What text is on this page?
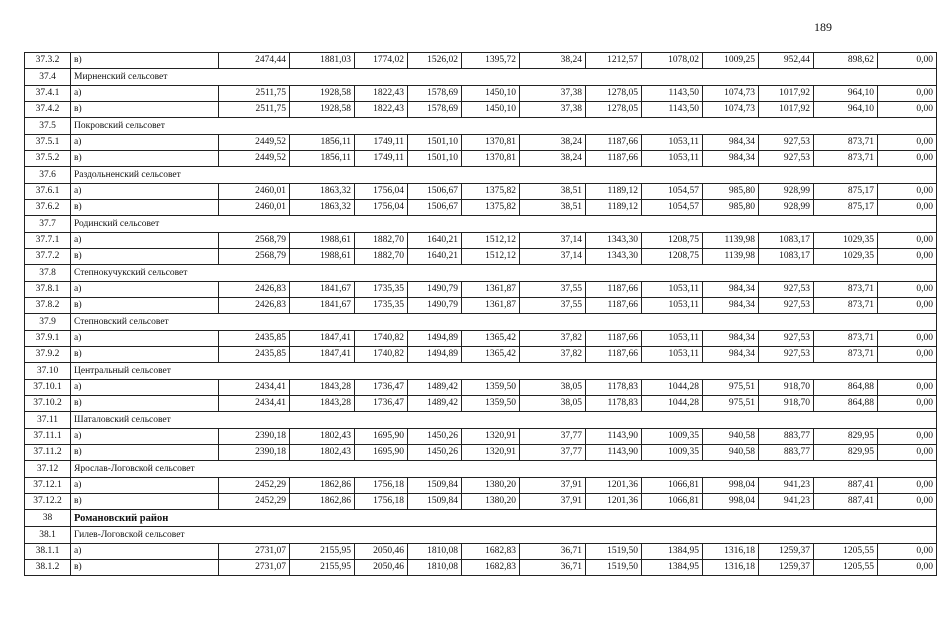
189
37.3.2	в)	2474,44	1881,03	1774,02	1526,02	1395,72	38,24	1212,57	1078,02	1009,25	952,44	898,62	0,00
37.4	Мирненский сельсовет												
37.4.1	а)	2511,75	1928,58	1822,43	1578,69	1450,10	37,38	1278,05	1143,50	1074,73	1017,92	964,10	0,00
37.4.2	в)	2511,75	1928,58	1822,43	1578,69	1450,10	37,38	1278,05	1143,50	1074,73	1017,92	964,10	0,00
37.5	Покровский сельсовет												
37.5.1	а)	2449,52	1856,11	1749,11	1501,10	1370,81	38,24	1187,66	1053,11	984,34	927,53	873,71	0,00
37.5.2	в)	2449,52	1856,11	1749,11	1501,10	1370,81	38,24	1187,66	1053,11	984,34	927,53	873,71	0,00
37.6	Раздольненский сельсовет												
37.6.1	а)	2460,01	1863,32	1756,04	1506,67	1375,82	38,51	1189,12	1054,57	985,80	928,99	875,17	0,00
37.6.2	в)	2460,01	1863,32	1756,04	1506,67	1375,82	38,51	1189,12	1054,57	985,80	928,99	875,17	0,00
37.7	Родинский сельсовет												
37.7.1	а)	2568,79	1988,61	1882,70	1640,21	1512,12	37,14	1343,30	1208,75	1139,98	1083,17	1029,35	0,00
37.7.2	в)	2568,79	1988,61	1882,70	1640,21	1512,12	37,14	1343,30	1208,75	1139,98	1083,17	1029,35	0,00
37.8	Степнокучукский сельсовет												
37.8.1	а)	2426,83	1841,67	1735,35	1490,79	1361,87	37,55	1187,66	1053,11	984,34	927,53	873,71	0,00
37.8.2	в)	2426,83	1841,67	1735,35	1490,79	1361,87	37,55	1187,66	1053,11	984,34	927,53	873,71	0,00
37.9	Степновский сельсовет												
37.9.1	а)	2435,85	1847,41	1740,82	1494,89	1365,42	37,82	1187,66	1053,11	984,34	927,53	873,71	0,00
37.9.2	в)	2435,85	1847,41	1740,82	1494,89	1365,42	37,82	1187,66	1053,11	984,34	927,53	873,71	0,00
37.10	Центральный сельсовет												
37.10.1	а)	2434,41	1843,28	1736,47	1489,42	1359,50	38,05	1178,83	1044,28	975,51	918,70	864,88	0,00
37.10.2	в)	2434,41	1843,28	1736,47	1489,42	1359,50	38,05	1178,83	1044,28	975,51	918,70	864,88	0,00
37.11	Шаталовский сельсовет												
37.11.1	а)	2390,18	1802,43	1695,90	1450,26	1320,91	37,77	1143,90	1009,35	940,58	883,77	829,95	0,00
37.11.2	в)	2390,18	1802,43	1695,90	1450,26	1320,91	37,77	1143,90	1009,35	940,58	883,77	829,95	0,00
37.12	Ярослав-Логовской сельсовет												
37.12.1	а)	2452,29	1862,86	1756,18	1509,84	1380,20	37,91	1201,36	1066,81	998,04	941,23	887,41	0,00
37.12.2	в)	2452,29	1862,86	1756,18	1509,84	1380,20	37,91	1201,36	1066,81	998,04	941,23	887,41	0,00
38	Романовский район												
38.1	Гилев-Логовской сельсовет												
38.1.1	а)	2731,07	2155,95	2050,46	1810,08	1682,83	36,71	1519,50	1384,95	1316,18	1259,37	1205,55	0,00
38.1.2	в)	2731,07	2155,95	2050,46	1810,08	1682,83	36,71	1519,50	1384,95	1316,18	1259,37	1205,55	0,00
